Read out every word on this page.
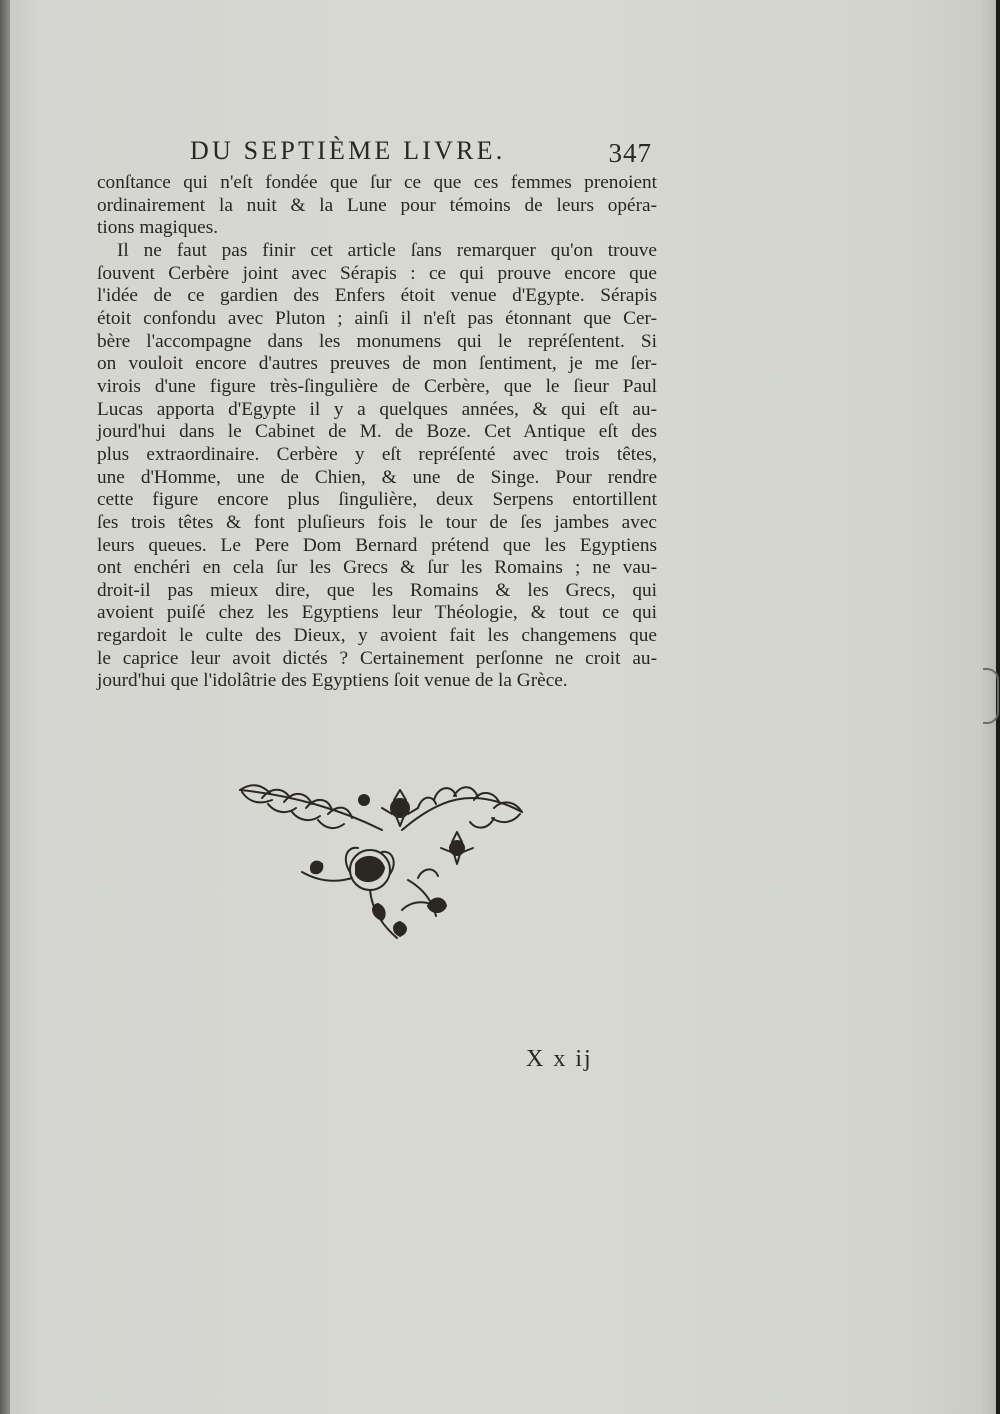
DU SEPTIÈME LIVRE.	347
conſtance qui n'eſt fondée que ſur ce que ces femmes prenoient
ordinairement la nuit & la Lune pour témoins de leurs opéra-
tions magiques.
Il ne faut pas finir cet article ſans remarquer qu'on trouve
ſouvent Cerbère joint avec Sérapis : ce qui prouve encore que
l'idée de ce gardien des Enfers étoit venue d'Egypte. Sérapis
étoit confondu avec Pluton ; ainſi il n'eſt pas étonnant que Cer-
bère l'accompagne dans les monumens qui le repréſentent. Si
on vouloit encore d'autres preuves de mon ſentiment, je me ſer-
virois d'une figure très-ſingulière de Cerbère, que le ſieur Paul
Lucas apporta d'Egypte il y a quelques années, & qui eſt au-
jourd'hui dans le Cabinet de M. de Boze. Cet Antique eſt des
plus extraordinaire. Cerbère y eſt repréſenté avec trois têtes,
une d'Homme, une de Chien, & une de Singe. Pour rendre
cette figure encore plus ſingulière, deux Serpens entortillent
ſes trois têtes & font pluſieurs fois le tour de ſes jambes avec
leurs queues. Le Pere Dom Bernard prétend que les Egyptiens
ont enchéri en cela ſur les Grecs & ſur les Romains ; ne vau-
droit-il pas mieux dire, que les Romains & les Grecs, qui
avoient puiſé chez les Egyptiens leur Théologie, & tout ce qui
regardoit le culte des Dieux, y avoient fait les changemens que
le caprice leur avoit dictés ? Certainement perſonne ne croit au-
jourd'hui que l'idolâtrie des Egyptiens ſoit venue de la Grèce.
X x ij
